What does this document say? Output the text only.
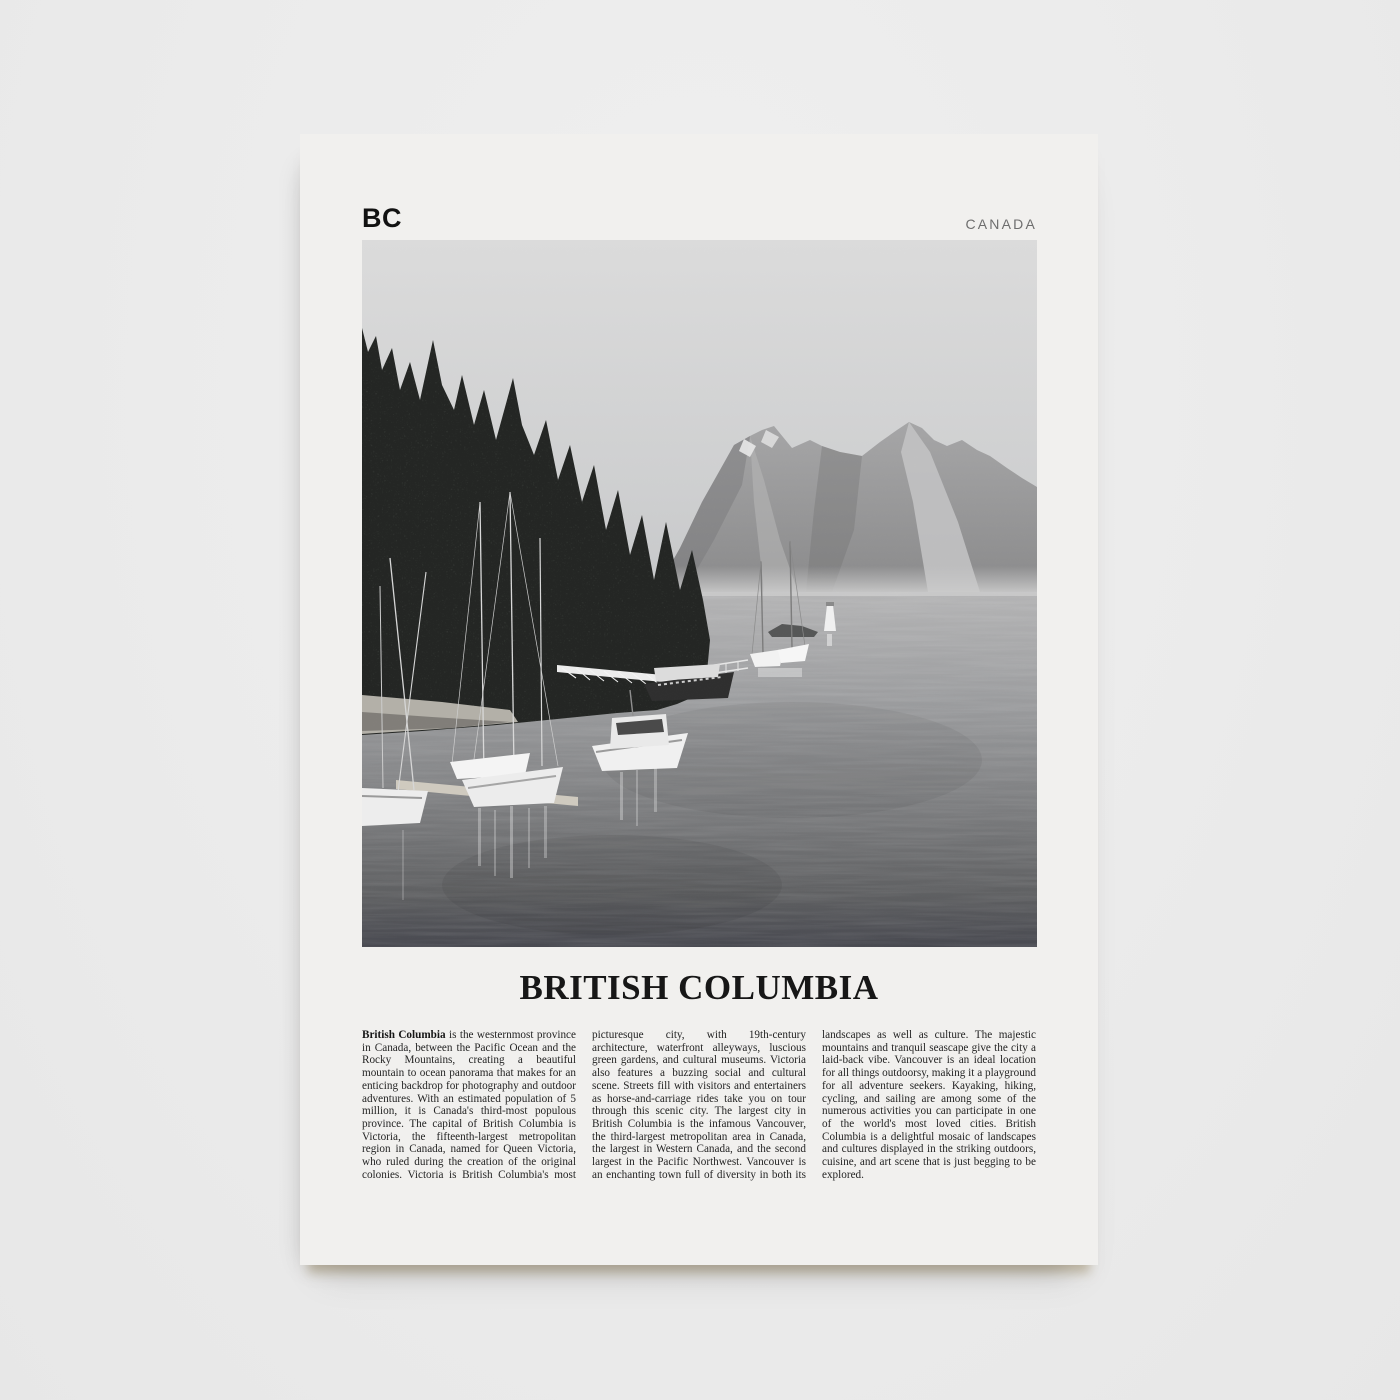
BC	CANADA
BRITISH COLUMBIA
British Columbia is the westernmost province in Canada, between the Pacific Ocean and the Rocky Mountains, creating a beautiful mountain to ocean panorama that makes for an enticing backdrop for photography and outdoor adventures. With an estimated population of 5 million, it is Canada's third-most populous province. The capital of British Columbia is Victoria, the fifteenth-largest metropolitan region in Canada, named for Queen Victoria, who ruled during the creation of the original colonies. Victoria is British Columbia's most picturesque city, with 19th-century architecture, waterfront alleyways, luscious green gardens, and cultural museums. Victoria also features a buzzing social and cultural scene. Streets fill with visitors and entertainers as horse-and-carriage rides take you on tour through this scenic city. The largest city in British Columbia is the infamous Vancouver, the third-largest metropolitan area in Canada, the largest in Western Canada, and the second largest in the Pacific Northwest. Vancouver is an enchanting town full of diversity in both its landscapes as well as culture. The majestic mountains and tranquil seascape give the city a laid-back vibe. Vancouver is an ideal location for all things outdoorsy, making it a playground for all adventure seekers. Kayaking, hiking, cycling, and sailing are among some of the numerous activities you can participate in one of the world's most loved cities. British Columbia is a delightful mosaic of landscapes and cultures displayed in the striking outdoors, cuisine, and art scene that is just begging to be explored.
